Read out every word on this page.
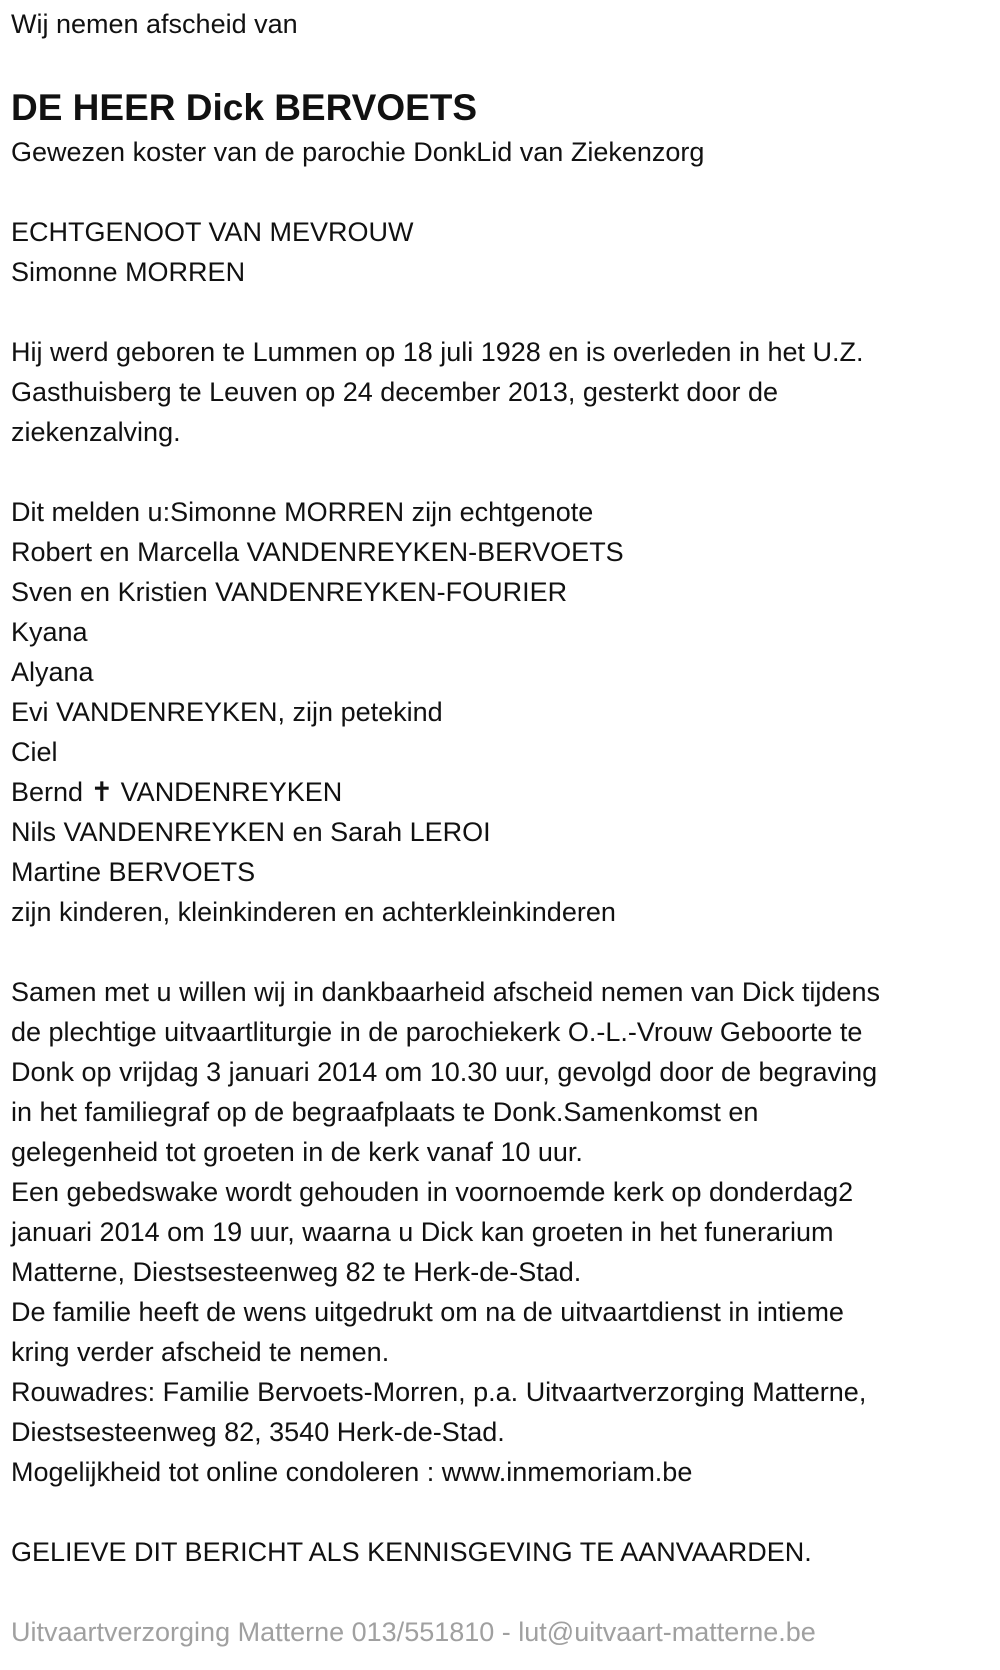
Wij nemen afscheid van
DE HEER Dick BERVOETS
Gewezen koster van de parochie DonkLid van Ziekenzorg
ECHTGENOOT VAN MEVROUW
Simonne MORREN
Hij werd geboren te Lummen op 18 juli 1928 en is overleden in het U.Z.
Gasthuisberg te Leuven op 24 december 2013, gesterkt door de
ziekenzalving.
Dit melden u:Simonne MORREN zijn echtgenote
Robert en Marcella VANDENREYKEN-BERVOETS
Sven en Kristien VANDENREYKEN-FOURIER
Kyana
Alyana
Evi VANDENREYKEN, zijn petekind
Ciel
Bernd ✝ VANDENREYKEN
Nils VANDENREYKEN en Sarah LEROI
Martine BERVOETS
zijn kinderen, kleinkinderen en achterkleinkinderen
Samen met u willen wij in dankbaarheid afscheid nemen van Dick tijdens
de plechtige uitvaartliturgie in de parochiekerk O.-L.-Vrouw Geboorte te
Donk op vrijdag 3 januari 2014 om 10.30 uur, gevolgd door de begraving
in het familiegraf op de begraafplaats te Donk.Samenkomst en
gelegenheid tot groeten in de kerk vanaf 10 uur.
Een gebedswake wordt gehouden in voornoemde kerk op donderdag2
januari 2014 om 19 uur, waarna u Dick kan groeten in het funerarium
Matterne, Diestsesteenweg 82 te Herk-de-Stad.
De familie heeft de wens uitgedrukt om na de uitvaartdienst in intieme
kring verder afscheid te nemen.
Rouwadres: Familie Bervoets-Morren, p.a. Uitvaartverzorging Matterne,
Diestsesteenweg 82, 3540 Herk-de-Stad.
Mogelijkheid tot online condoleren : www.inmemoriam.be
GELIEVE DIT BERICHT ALS KENNISGEVING TE AANVAARDEN.
Uitvaartverzorging Matterne 013/551810 - lut@uitvaart-matterne.be
